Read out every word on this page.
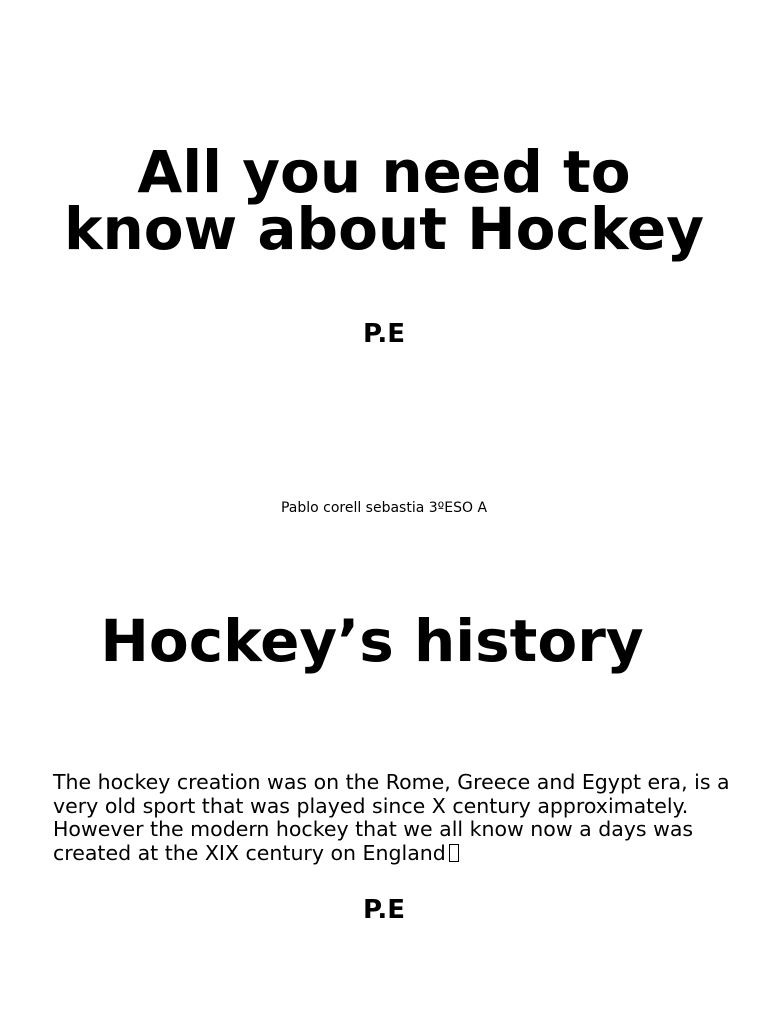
All you need to know about Hockey
P.E
Pablo corell sebastia 3ºESO A
Hockey’s history

The hockey creation was on the Rome, Greece and Egypt era, is a very old sport that was played since X century approximately. However the modern hockey that we all know now a days was created at the XIX century on England

P.E
